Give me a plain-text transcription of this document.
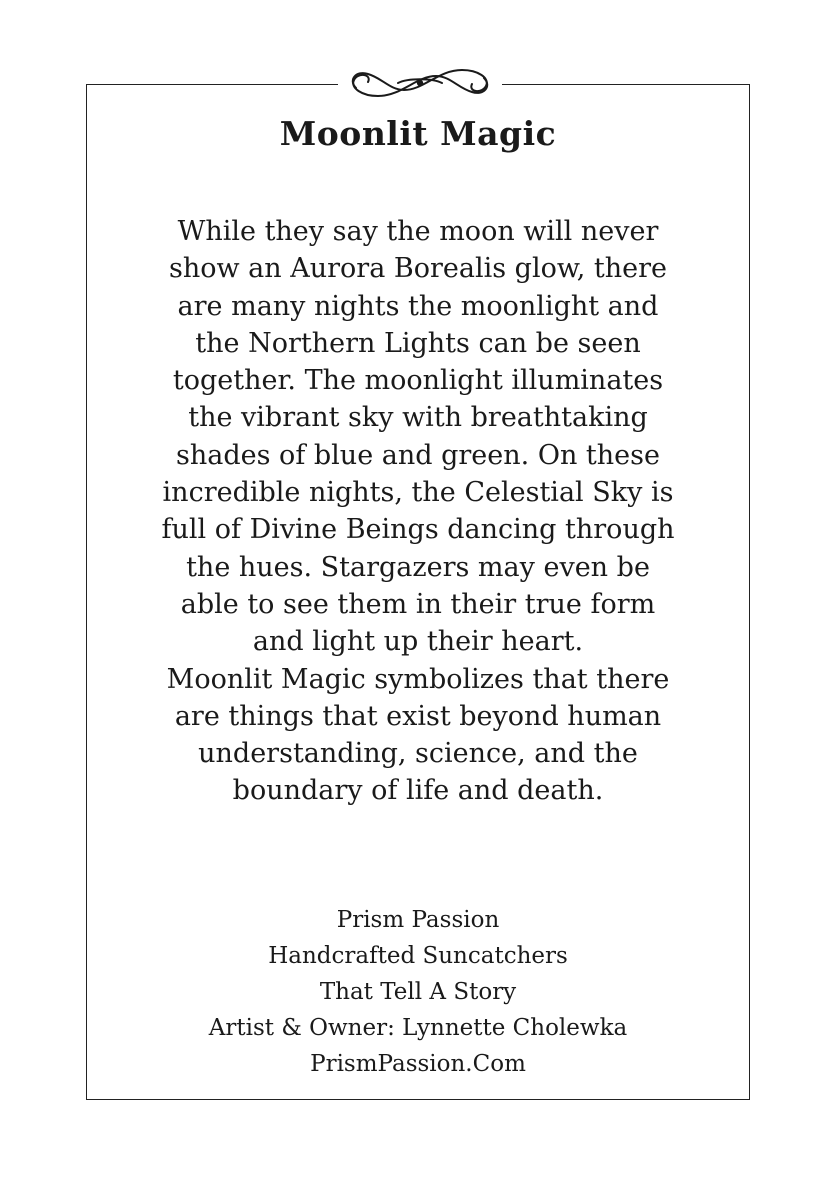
Moonlit Magic
While they say the moon will never
show an Aurora Borealis glow, there
are many nights the moonlight and
the Northern Lights can be seen
together. The moonlight illuminates
the vibrant sky with breathtaking
shades of blue and green. On these
incredible nights, the Celestial Sky is
full of Divine Beings dancing through
the hues. Stargazers may even be
able to see them in their true form
and light up their heart.
Moonlit Magic symbolizes that there
are things that exist beyond human
understanding, science, and the
boundary of life and death.
Prism Passion
Handcrafted Suncatchers
That Tell A Story
Artist & Owner: Lynnette Cholewka
PrismPassion.Com
